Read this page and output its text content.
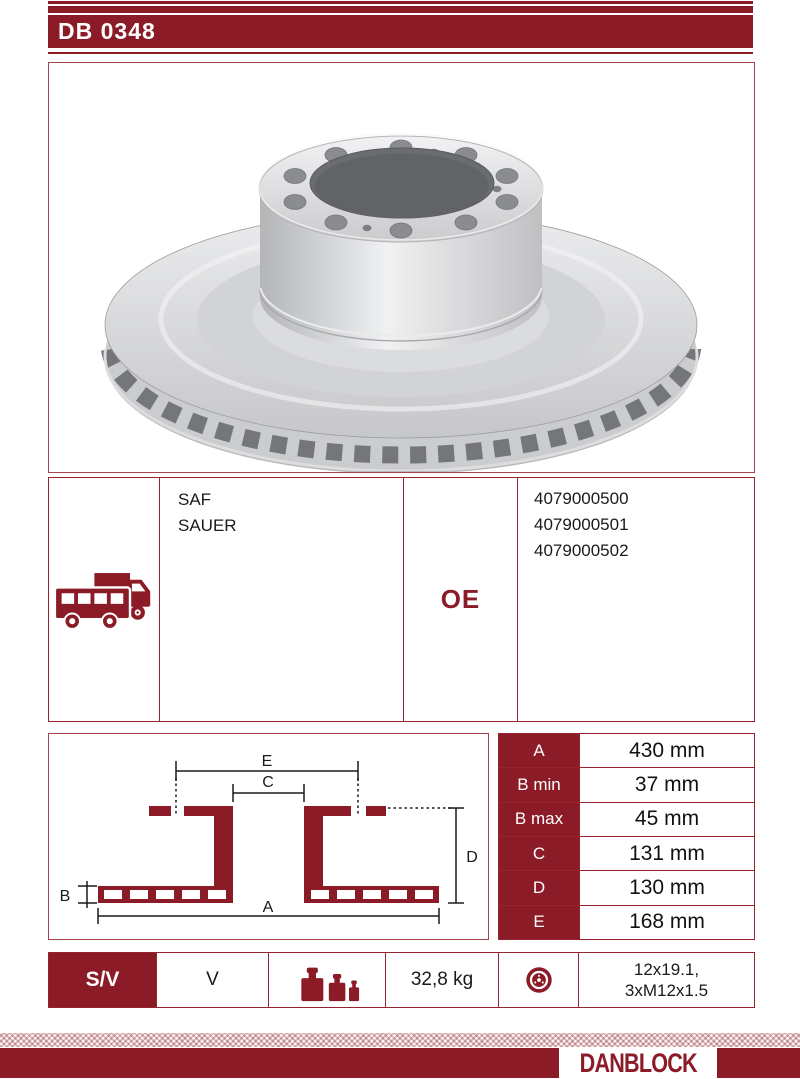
DB 0348
SAF
SAUER
OE
4079000500
4079000501
4079000502
E
C
D
B
A
A	430 mm
B min	37 mm
B max	45 mm
C	131 mm
D	130 mm
E	168 mm
S/V	V	32,8 kg	12x19.1,
3xM12x1.5
DANBLOCK
